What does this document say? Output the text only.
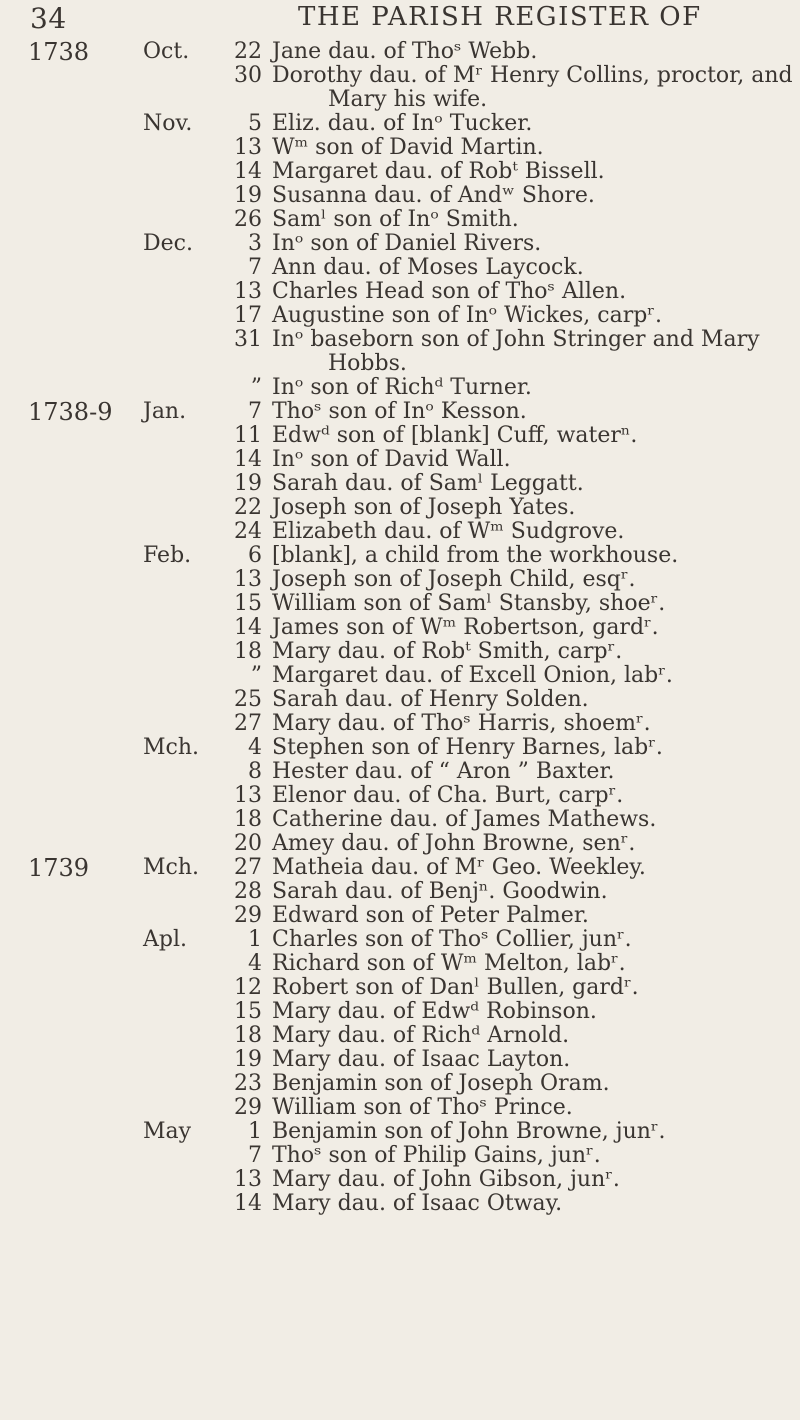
34	THE PARISH REGISTER OF
1738 Oct. 22 Jane dau. of Thoˢ Webb.
30 Dorothy dau. of Mʳ Henry Collins, proctor, and
Mary his wife.
Nov.	5 Eliz. dau. of Inᵒ Tucker.
13 Wᵐ son of David Martin.
14 Margaret dau. of Robᵗ Bissell.
19 Susanna dau. of Andʷ Shore.
26 Samˡ son of Inᵒ Smith.
Dec.	3 Inᵒ son of Daniel Rivers.
7 Ann dau. of Moses Laycock.
13 Charles Head son of Thoˢ Allen.
17 Augustine son of Inᵒ Wickes, carpʳ.
31 Inᵒ baseborn son of John Stringer and Mary
Hobbs.
” Inᵒ son of Richᵈ Turner.
1738-9 Jan.	7 Thoˢ son of Inᵒ Kesson.
11 Edwᵈ son of [blank] Cuff, waterⁿ.
14 Inᵒ son of David Wall.
19 Sarah dau. of Samˡ Leggatt.
22 Joseph son of Joseph Yates.
24 Elizabeth dau. of Wᵐ Sudgrove.
Feb.	6 [blank], a child from the workhouse.
13 Joseph son of Joseph Child, esqʳ.
15 William son of Samˡ Stansby, shoeʳ.
14 James son of Wᵐ Robertson, gardʳ.
18 Mary dau. of Robᵗ Smith, carpʳ.
” Margaret dau. of Excell Onion, labʳ.
25 Sarah dau. of Henry Solden.
27 Mary dau. of Thoˢ Harris, shoemʳ.
Mch. 4 Stephen son of Henry Barnes, labʳ.
8 Hester dau. of “ Aron ” Baxter.
13 Elenor dau. of Cha. Burt, carpʳ.
18 Catherine dau. of James Mathews.
20 Amey dau. of John Browne, senʳ.
1739 Mch. 27 Matheia dau. of Mʳ Geo. Weekley.
28 Sarah dau. of Benjⁿ. Goodwin.
29 Edward son of Peter Palmer.
Apl.	1 Charles son of Thoˢ Collier, junʳ.
4 Richard son of Wᵐ Melton, labʳ.
12 Robert son of Danˡ Bullen, gardʳ.
15 Mary dau. of Edwᵈ Robinson.
18 Mary dau. of Richᵈ Arnold.
19 Mary dau. of Isaac Layton.
23 Benjamin son of Joseph Oram.
29 William son of Thoˢ Prince.
May	1 Benjamin son of John Browne, junʳ.
7 Thoˢ son of Philip Gains, junʳ.
13 Mary dau. of John Gibson, junʳ.
14 Mary dau. of Isaac Otway.
